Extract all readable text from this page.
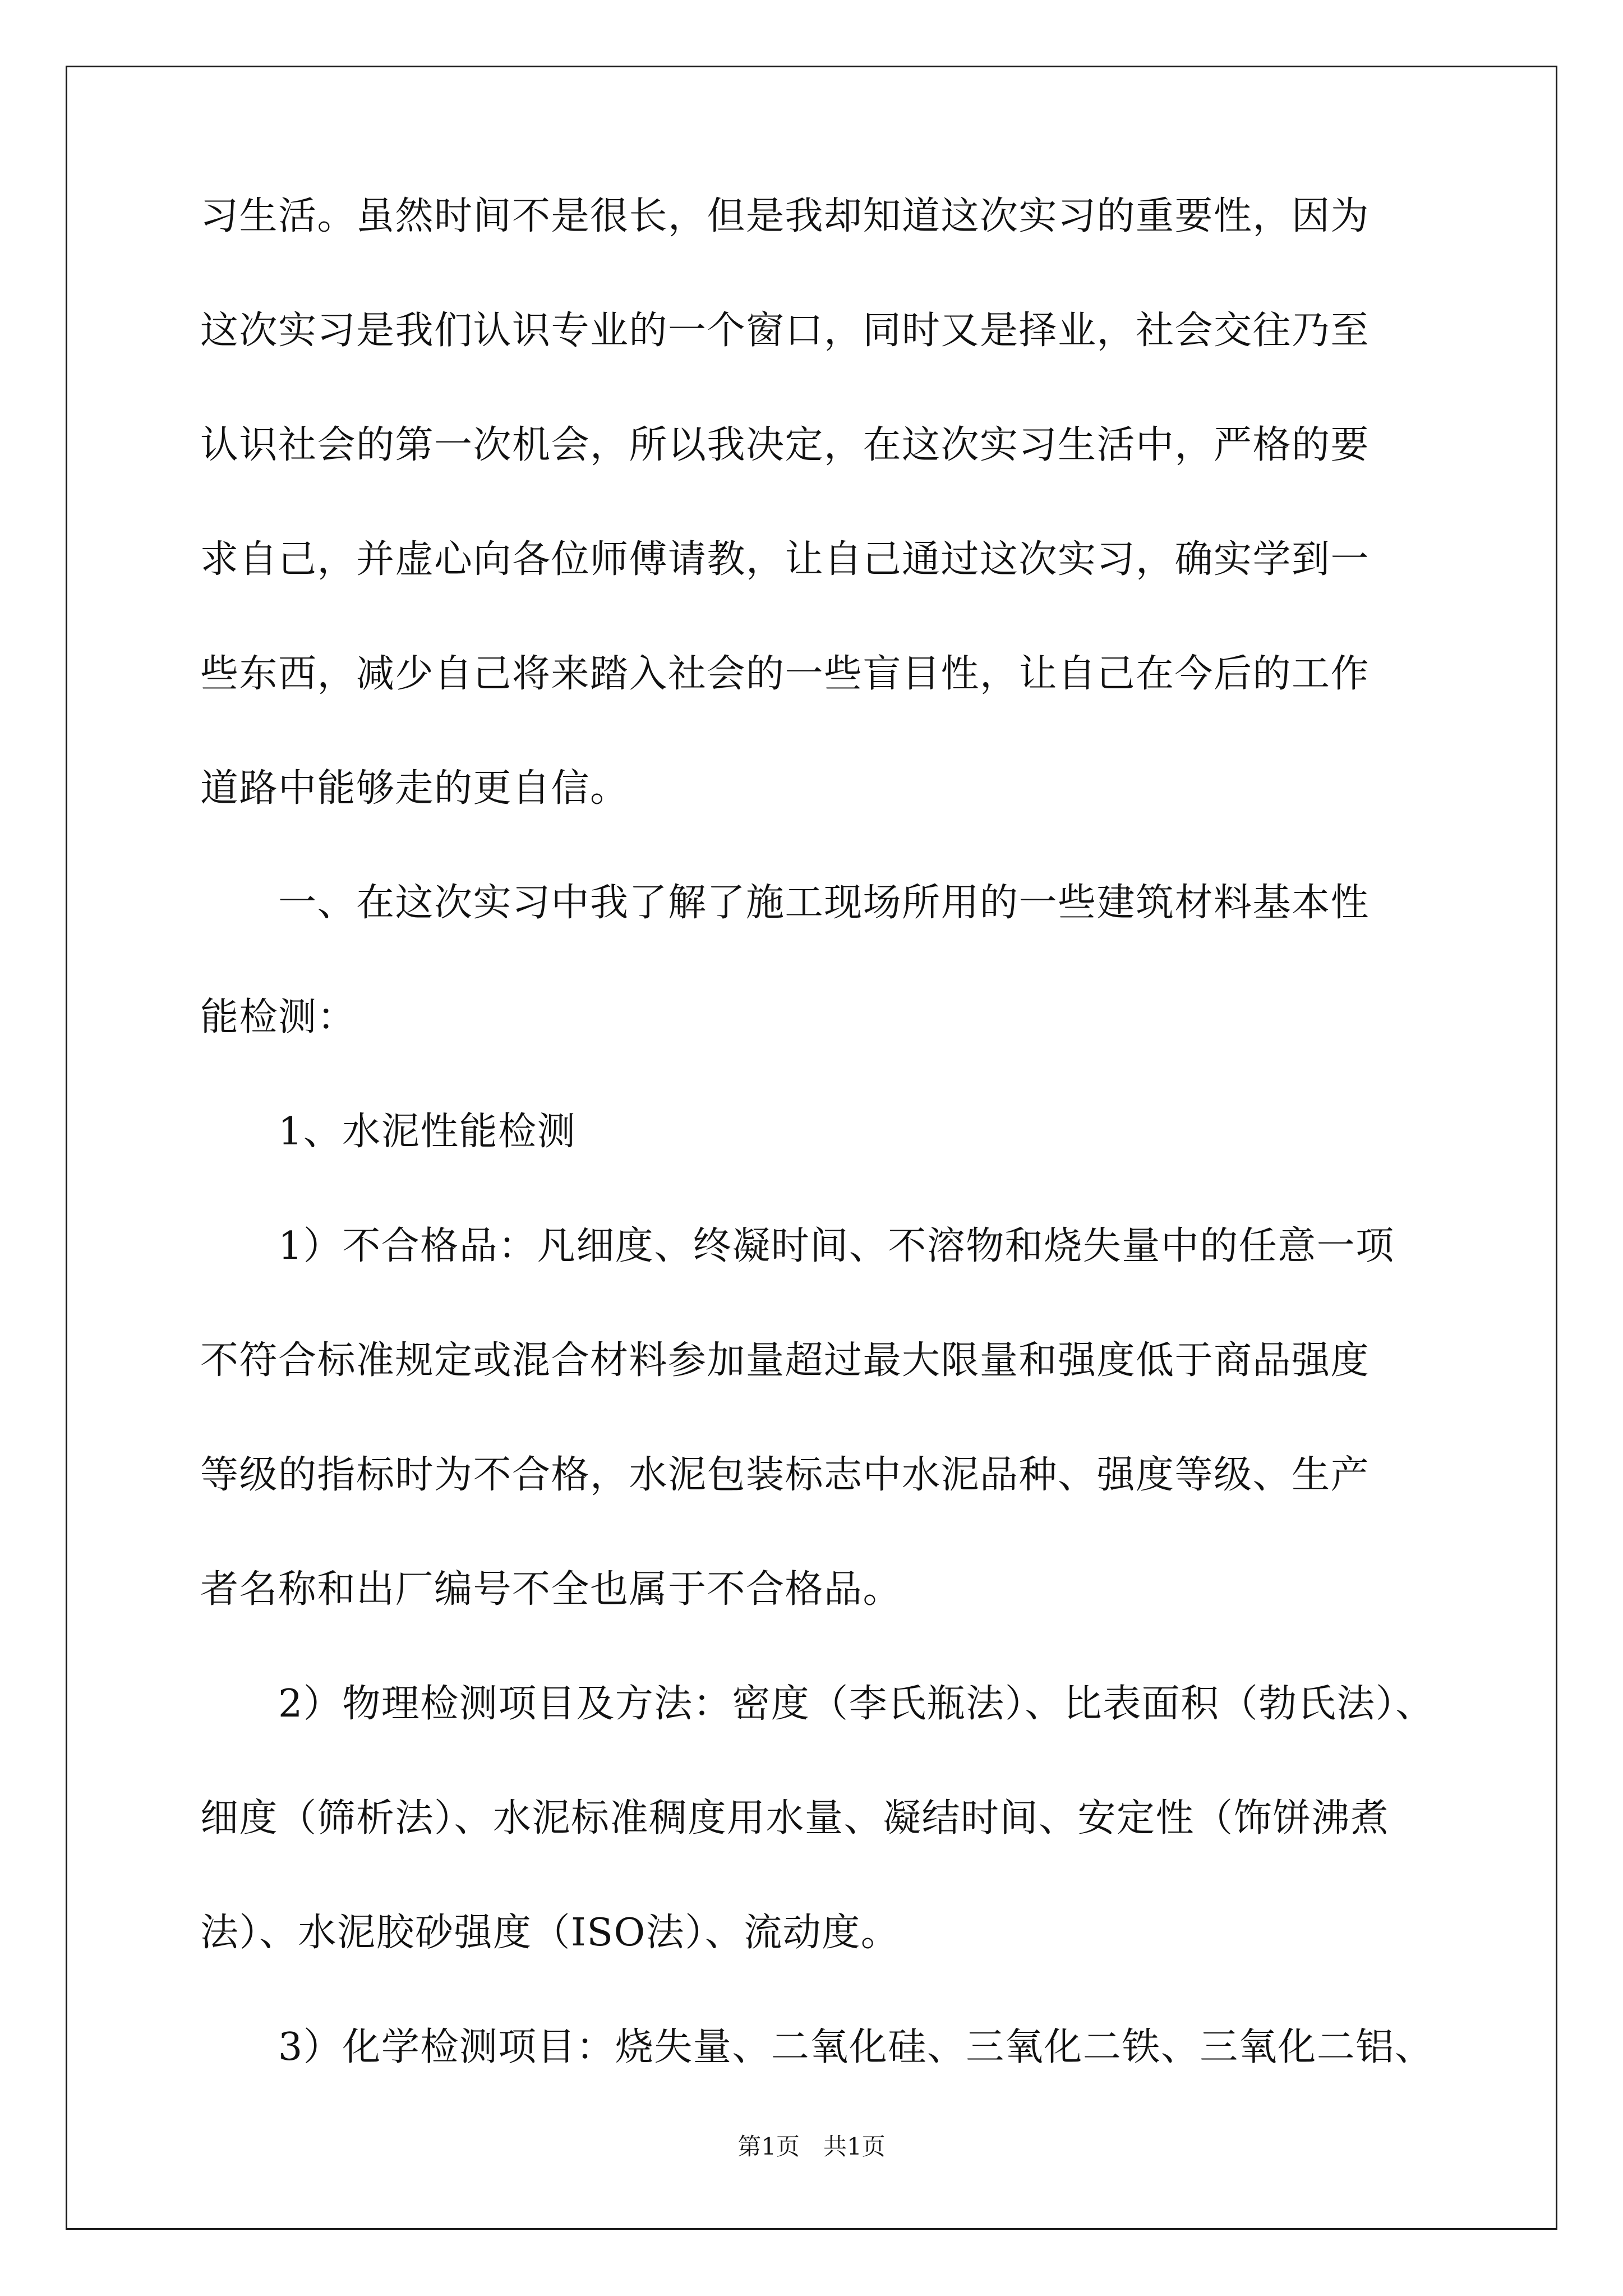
习生活。虽然时间不是很长，但是我却知道这次实习的重要性，因为
这次实习是我们认识专业的一个窗口，同时又是择业，社会交往乃至
认识社会的第一次机会，所以我决定，在这次实习生活中，严格的要
求自己，并虚心向各位师傅请教，让自己通过这次实习，确实学到一
些东西，减少自己将来踏入社会的一些盲目性，让自己在今后的工作
道路中能够走的更自信。
　　一、在这次实习中我了解了施工现场所用的一些建筑材料基本性
能检测：
　　1、水泥性能检测
　　1）不合格品：凡细度、终凝时间、不溶物和烧失量中的任意一项
不符合标准规定或混合材料参加量超过最大限量和强度低于商品强度
等级的指标时为不合格，水泥包装标志中水泥品种、强度等级、生产
者名称和出厂编号不全也属于不合格品。
　　2）物理检测项目及方法：密度（李氏瓶法）、比表面积（勃氏法）、
细度（筛析法）、水泥标准稠度用水量、凝结时间、安定性（饰饼沸煮
法）、水泥胶砂强度（ISO法）、流动度。
　　3）化学检测项目：烧失量、二氧化硅、三氧化二铁、三氧化二铝、
第1页　共1页
